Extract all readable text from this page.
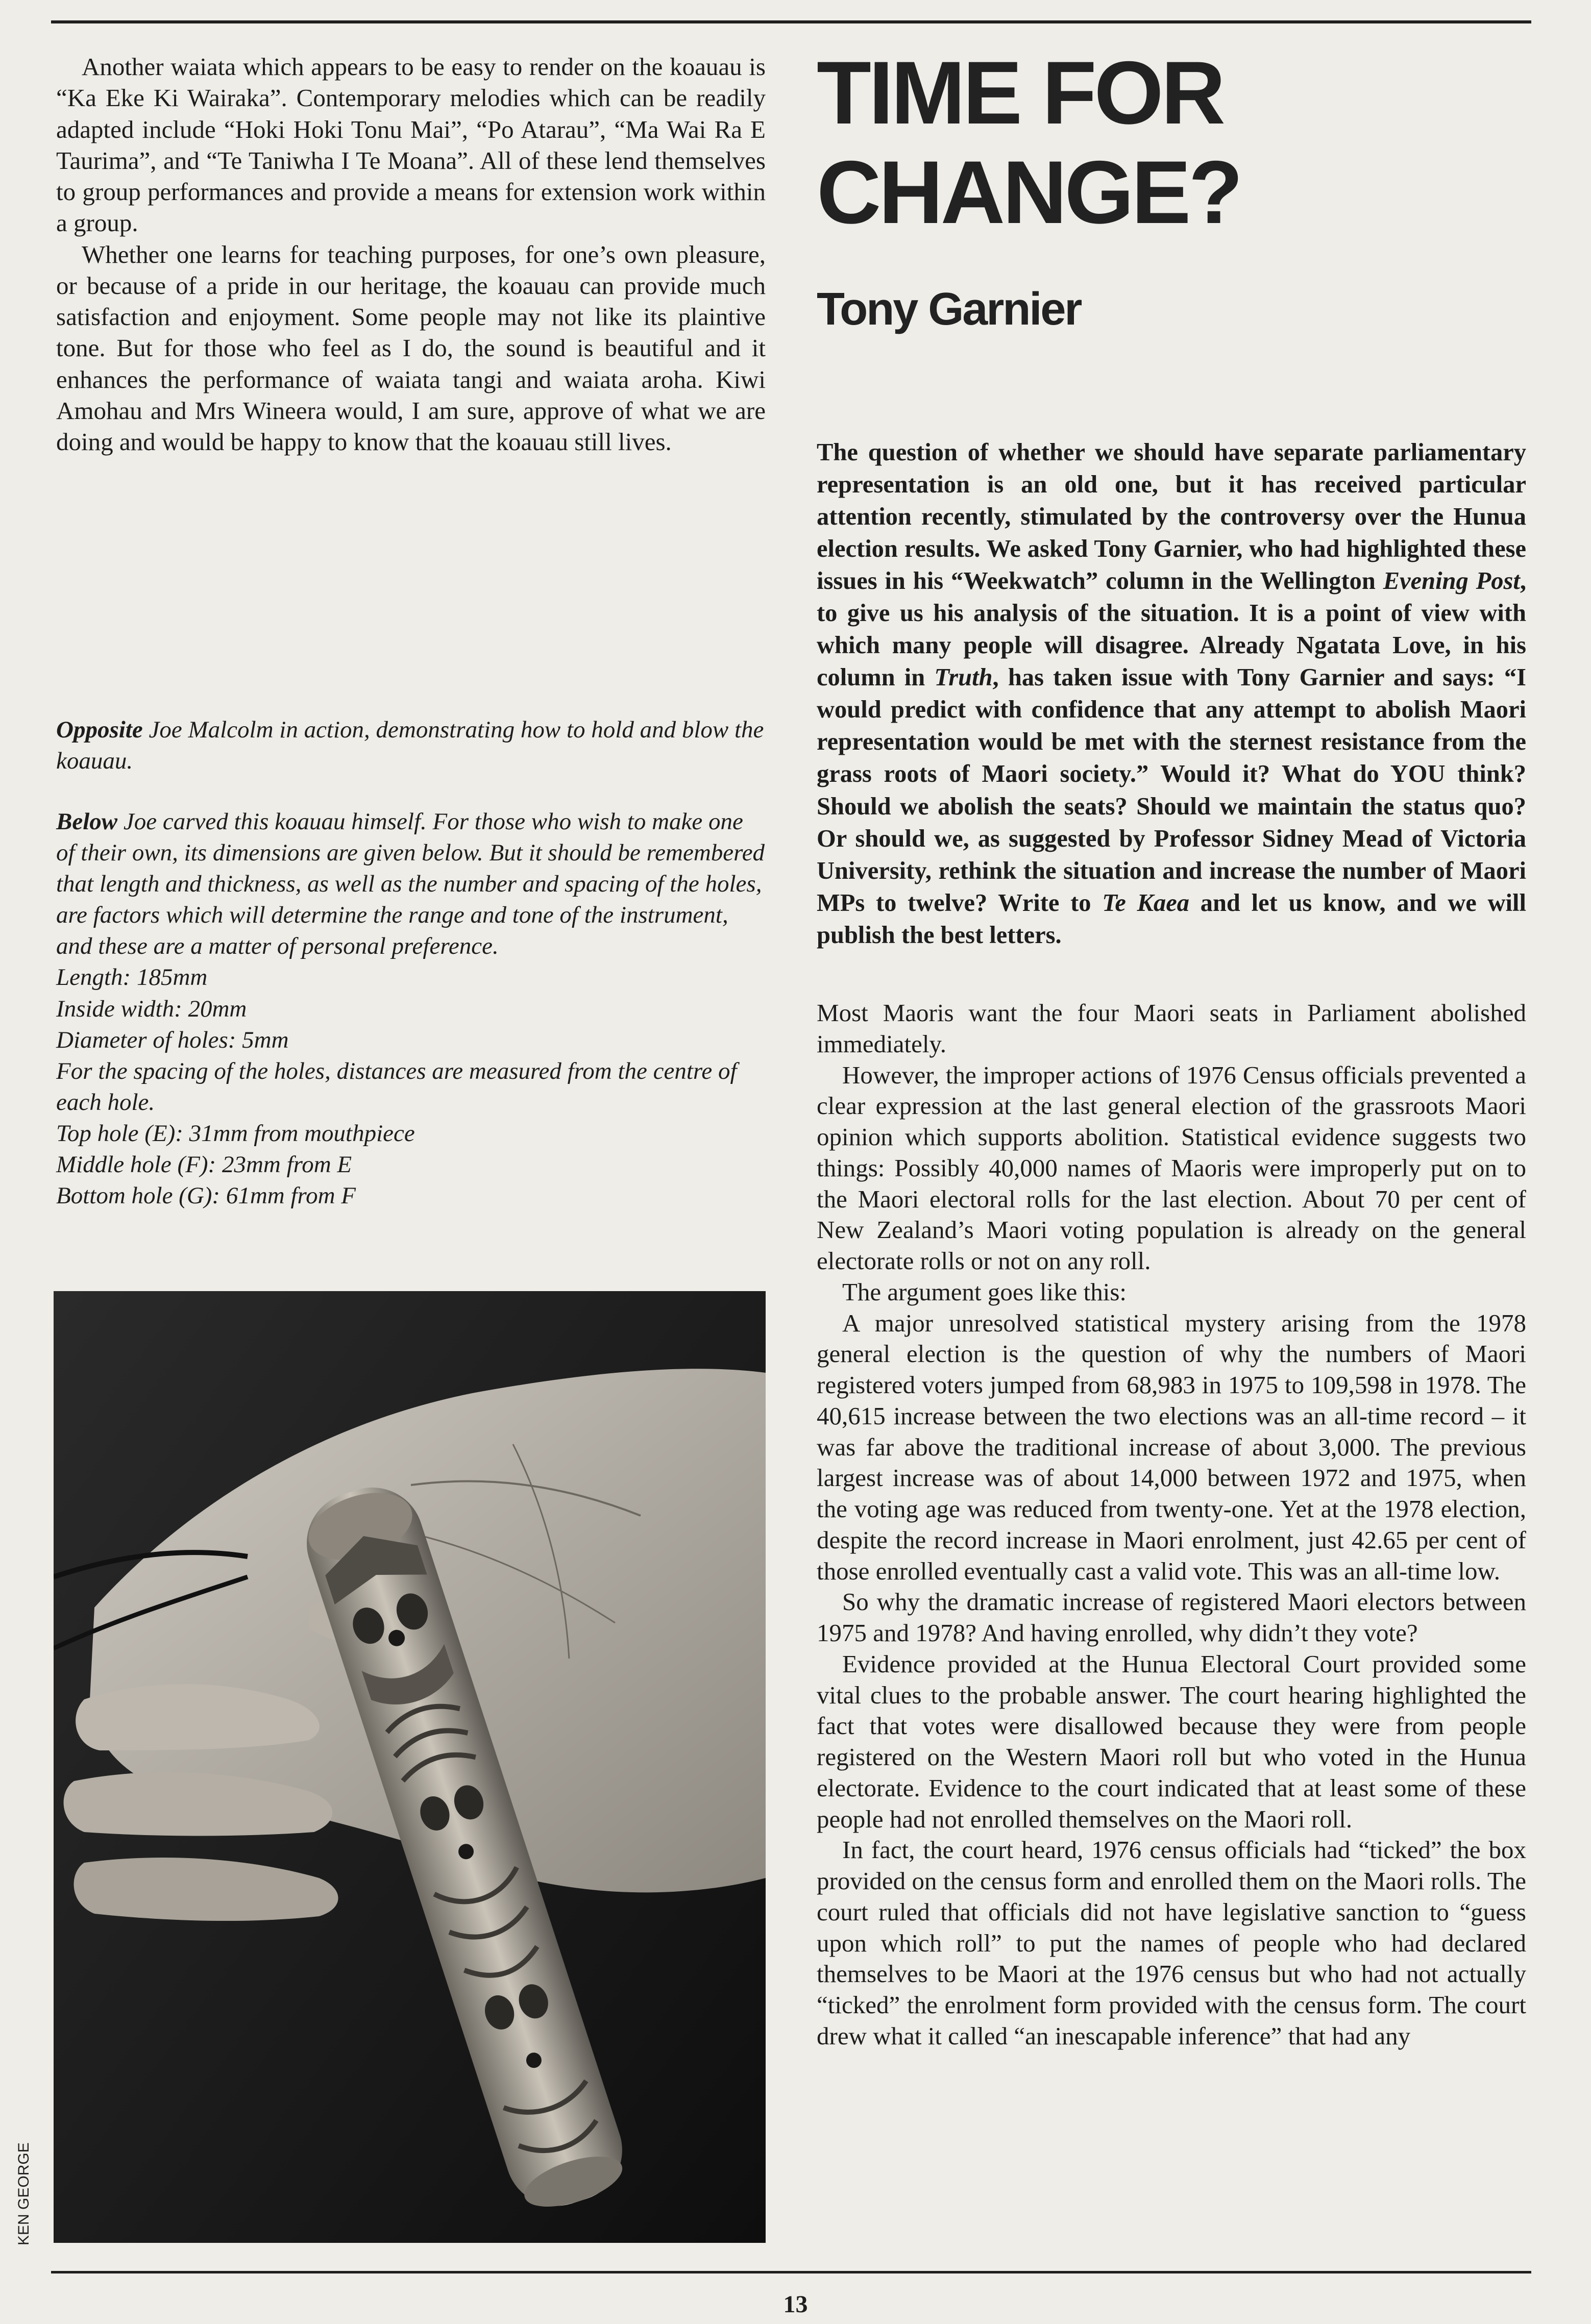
Another waiata which appears to be easy to render on the koauau is “Ka Eke Ki Wairaka”. Contemporary melodies which can be readily adapted include “Hoki Hoki Tonu Mai”, “Po Atarau”, “Ma Wai Ra E Taurima”, and “Te Taniwha I Te Moana”. All of these lend themselves to group performances and provide a means for extension work within a group.

Whether one learns for teaching purposes, for one’s own pleasure, or because of a pride in our heritage, the koauau can provide much satisfaction and enjoyment. Some people may not like its plaintive tone. But for those who feel as I do, the sound is beautiful and it enhances the performance of waiata tangi and waiata aroha. Kiwi Amohau and Mrs Wineera would, I am sure, approve of what we are doing and would be happy to know that the koauau still lives.

Opposite Joe Malcolm in action, demonstrating how to hold and blow the koauau.

Below Joe carved this koauau himself. For those who wish to make one of their own, its dimensions are given below. But it should be remembered that length and thickness, as well as the number and spacing of the holes, are factors which will determine the range and tone of the instrument, and these are a matter of personal preference.
Length: 185mm
Inside width: 20mm
Diameter of holes: 5mm
For the spacing of the holes, distances are measured from the centre of each hole.
Top hole (E): 31mm from mouthpiece
Middle hole (F): 23mm from E
Bottom hole (G): 61mm from F
KEN GEORGE
TIME FOR
CHANGE?
Tony Garnier

The question of whether we should have separate parliamentary representation is an old one, but it has received particular attention recently, stimulated by the controversy over the Hunua election results. We asked Tony Garnier, who had highlighted these issues in his “Weekwatch” column in the Wellington Evening Post, to give us his analysis of the situation. It is a point of view with which many people will disagree. Already Ngatata Love, in his column in Truth, has taken issue with Tony Garnier and says: “I would predict with confidence that any attempt to abolish Maori representation would be met with the sternest resistance from the grass roots of Maori society.” Would it? What do YOU think? Should we abolish the seats? Should we maintain the status quo? Or should we, as suggested by Professor Sidney Mead of Victoria University, rethink the situation and increase the number of Maori MPs to twelve? Write to Te Kaea and let us know, and we will publish the best letters.

Most Maoris want the four Maori seats in Parliament abolished immediately.

However, the improper actions of 1976 Census officials prevented a clear expression at the last general election of the grassroots Maori opinion which supports abolition. Statistical evidence suggests two things: Possibly 40,000 names of Maoris were improperly put on to the Maori electoral rolls for the last election. About 70 per cent of New Zealand’s Maori voting population is already on the general electorate rolls or not on any roll.

The argument goes like this:

A major unresolved statistical mystery arising from the 1978 general election is the question of why the numbers of Maori registered voters jumped from 68,983 in 1975 to 109,598 in 1978. The 40,615 increase between the two elections was an all-time record – it was far above the traditional increase of about 3,000. The previous largest increase was of about 14,000 between 1972 and 1975, when the voting age was reduced from twenty-one. Yet at the 1978 election, despite the record increase in Maori enrolment, just 42.65 per cent of those enrolled eventually cast a valid vote. This was an all-time low.

So why the dramatic increase of registered Maori electors between 1975 and 1978? And having enrolled, why didn’t they vote?

Evidence provided at the Hunua Electoral Court provided some vital clues to the probable answer. The court hearing highlighted the fact that votes were disallowed because they were from people registered on the Western Maori roll but who voted in the Hunua electorate. Evidence to the court indicated that at least some of these people had not enrolled themselves on the Maori roll.

In fact, the court heard, 1976 census officials had “ticked” the box provided on the census form and enrolled them on the Maori rolls. The court ruled that officials did not have legislative sanction to “guess upon which roll” to put the names of people who had declared themselves to be Maori at the 1976 census but who had not actually “ticked” the enrolment form provided with the census form. The court drew what it called “an inescapable inference” that had any

13
